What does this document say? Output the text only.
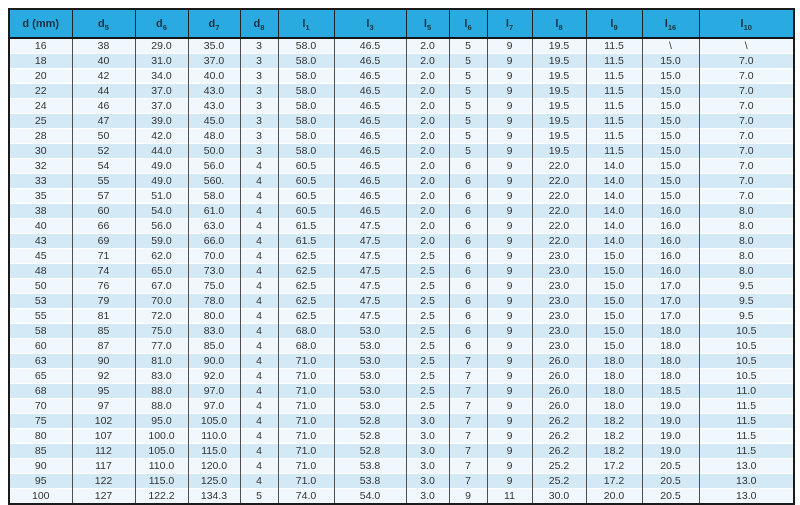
d (mm)	$d_5$	$d_6$	$d_7$	$d_8$	$l_1$	$l_3$	$l_5$	$l_6$	$l_7$	$l_8$	$l_9$	$l_{16}$	$l_{10}$
16	38	29.0	35.0	3	58.0	46.5	2.0	5	9	19.5	11.5	\	\
18	40	31.0	37.0	3	58.0	46.5	2.0	5	9	19.5	11.5	15.0	7.0
20	42	34.0	40.0	3	58.0	46.5	2.0	5	9	19.5	11.5	15.0	7.0
22	44	37.0	43.0	3	58.0	46.5	2.0	5	9	19.5	11.5	15.0	7.0
24	46	37.0	43.0	3	58.0	46.5	2.0	5	9	19.5	11.5	15.0	7.0
25	47	39.0	45.0	3	58.0	46.5	2.0	5	9	19.5	11.5	15.0	7.0
28	50	42.0	48.0	3	58.0	46.5	2.0	5	9	19.5	11.5	15.0	7.0
30	52	44.0	50.0	3	58.0	46.5	2.0	5	9	19.5	11.5	15.0	7.0
32	54	49.0	56.0	4	60.5	46.5	2.0	6	9	22.0	14.0	15.0	7.0
33	55	49.0	560.	4	60.5	46.5	2.0	6	9	22.0	14.0	15.0	7.0
35	57	51.0	58.0	4	60.5	46.5	2.0	6	9	22.0	14.0	15.0	7.0
38	60	54.0	61.0	4	60.5	46.5	2.0	6	9	22.0	14.0	16.0	8.0
40	66	56.0	63.0	4	61.5	47.5	2.0	6	9	22.0	14.0	16.0	8.0
43	69	59.0	66.0	4	61.5	47.5	2.0	6	9	22.0	14.0	16.0	8.0
45	71	62.0	70.0	4	62.5	47.5	2.5	6	9	23.0	15.0	16.0	8.0
48	74	65.0	73.0	4	62.5	47.5	2.5	6	9	23.0	15.0	16.0	8.0
50	76	67.0	75.0	4	62.5	47.5	2.5	6	9	23.0	15.0	17.0	9.5
53	79	70.0	78.0	4	62.5	47.5	2.5	6	9	23.0	15.0	17.0	9.5
55	81	72.0	80.0	4	62.5	47.5	2.5	6	9	23.0	15.0	17.0	9.5
58	85	75.0	83.0	4	68.0	53.0	2.5	6	9	23.0	15.0	18.0	10.5
60	87	77.0	85.0	4	68.0	53.0	2.5	6	9	23.0	15.0	18.0	10.5
63	90	81.0	90.0	4	71.0	53.0	2.5	7	9	26.0	18.0	18.0	10.5
65	92	83.0	92.0	4	71.0	53.0	2.5	7	9	26.0	18.0	18.0	10.5
68	95	88.0	97.0	4	71.0	53.0	2.5	7	9	26.0	18.0	18.5	11.0
70	97	88.0	97.0	4	71.0	53.0	2.5	7	9	26.0	18.0	19.0	11.5
75	102	95.0	105.0	4	71.0	52.8	3.0	7	9	26.2	18.2	19.0	11.5
80	107	100.0	110.0	4	71.0	52.8	3.0	7	9	26.2	18.2	19.0	11.5
85	112	105.0	115.0	4	71.0	52.8	3.0	7	9	26.2	18.2	19.0	11.5
90	117	110.0	120.0	4	71.0	53.8	3.0	7	9	25.2	17.2	20.5	13.0
95	122	115.0	125.0	4	71.0	53.8	3.0	7	9	25.2	17.2	20.5	13.0
100	127	122.2	134.3	5	74.0	54.0	3.0	9	11	30.0	20.0	20.5	13.0
